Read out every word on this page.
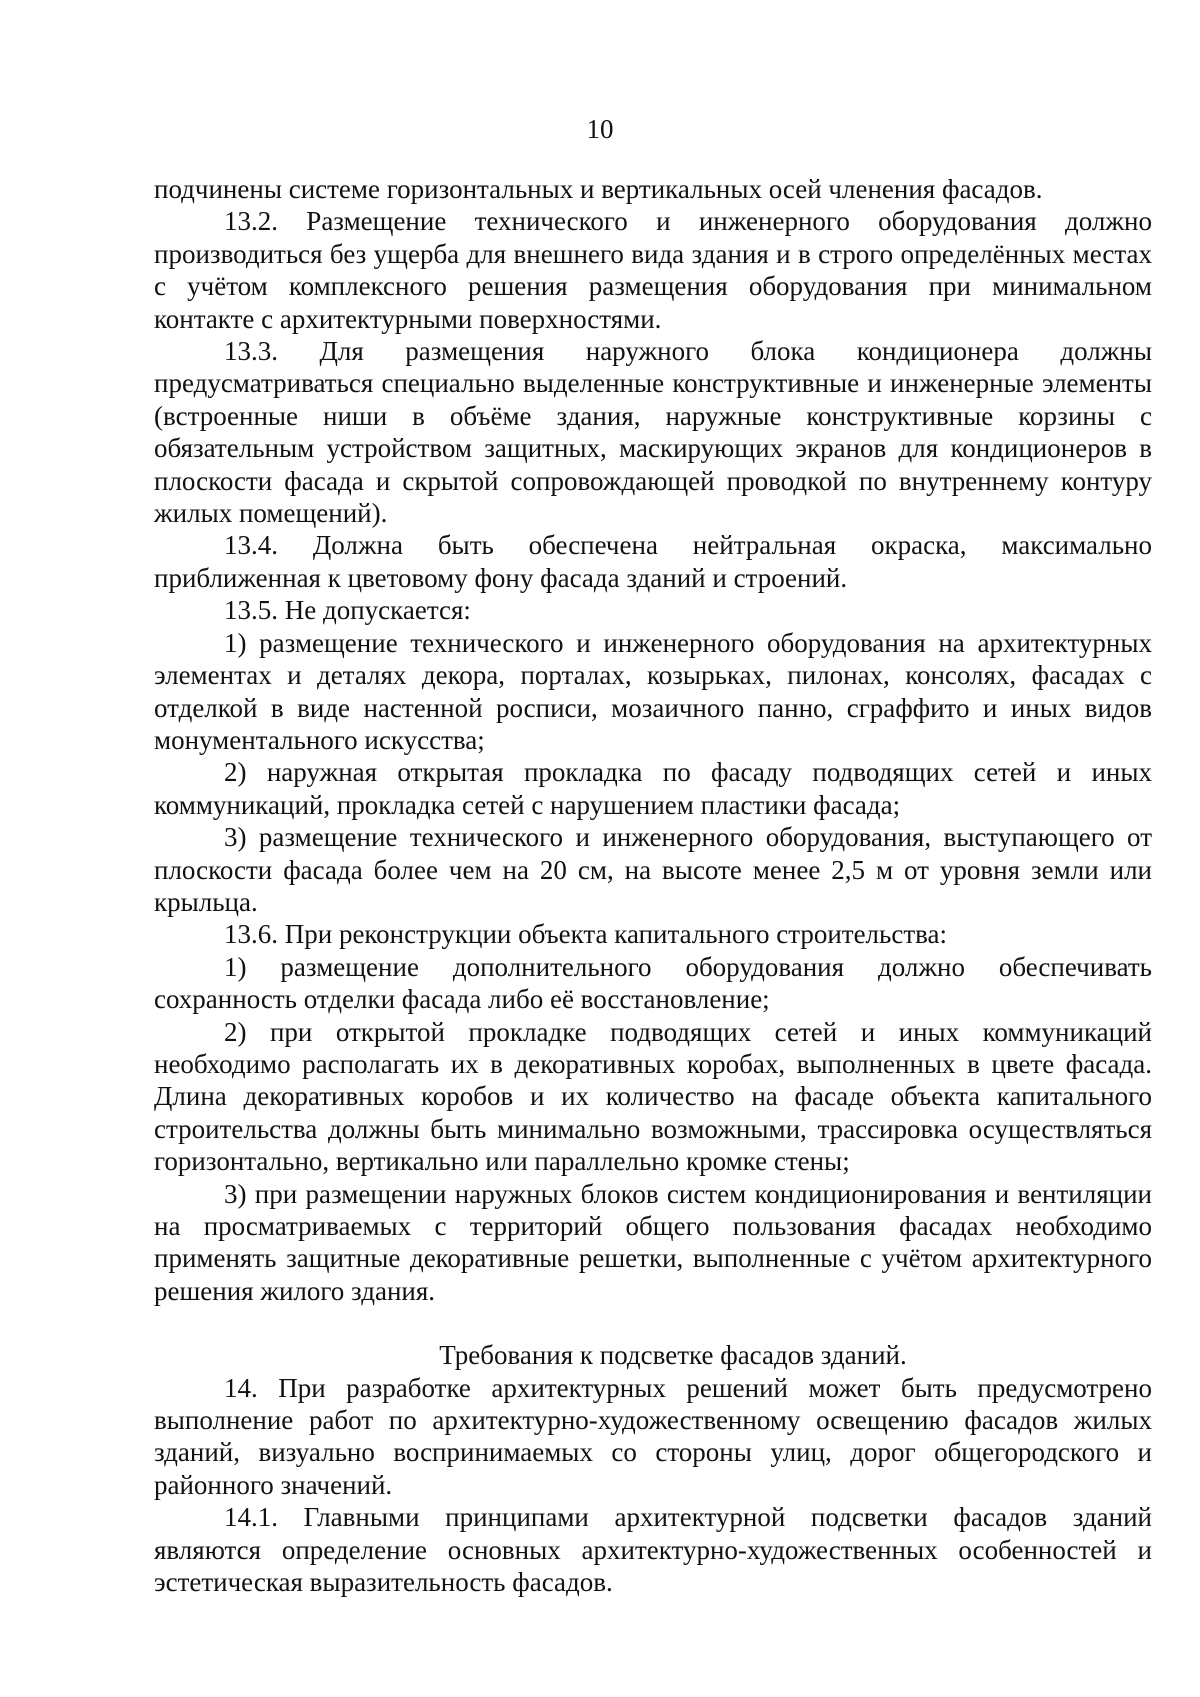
10

подчинены системе горизонтальных и вертикальных осей членения фасадов.

13.2. Размещение технического и инженерного оборудования должно производиться без ущерба для внешнего вида здания и в строго определённых местах с учётом комплексного решения размещения оборудования при минимальном контакте с архитектурными поверхностями.

13.3. Для размещения наружного блока кондиционера должны предусматриваться специально выделенные конструктивные и инженерные элементы (встроенные ниши в объёме здания, наружные конструктивные корзины с обязательным устройством защитных, маскирующих экранов для кондиционеров в плоскости фасада и скрытой сопровождающей проводкой по внутреннему контуру жилых помещений).

13.4. Должна быть обеспечена нейтральная окраска, максимально приближенная к цветовому фону фасада зданий и строений.

13.5. Не допускается:

1) размещение технического и инженерного оборудования на архитектурных элементах и деталях декора, порталах, козырьках, пилонах, консолях, фасадах с отделкой в виде настенной росписи, мозаичного панно, сграффито и иных видов монументального искусства;

2) наружная открытая прокладка по фасаду подводящих сетей и иных коммуникаций, прокладка сетей с нарушением пластики фасада;

3) размещение технического и инженерного оборудования, выступающего от плоскости фасада более чем на 20 см, на высоте менее 2,5 м от уровня земли или крыльца.

13.6. При реконструкции объекта капитального строительства:

1) размещение дополнительного оборудования должно обеспечивать сохранность отделки фасада либо её восстановление;

2) при открытой прокладке подводящих сетей и иных коммуникаций необходимо располагать их в декоративных коробах, выполненных в цвете фасада. Длина декоративных коробов и их количество на фасаде объекта капитального строительства должны быть минимально возможными, трассировка осуществляться горизонтально, вертикально или параллельно кромке стены;

3) при размещении наружных блоков систем кондиционирования и вентиляции на просматриваемых с территорий общего пользования фасадах необходимо применять защитные декоративные решетки, выполненные с учётом архитектурного решения жилого здания.

Требования к подсветке фасадов зданий.

14. При разработке архитектурных решений может быть предусмотрено выполнение работ по архитектурно-художественному освещению фасадов жилых зданий, визуально воспринимаемых со стороны улиц, дорог общегородского и районного значений.

14.1. Главными принципами архитектурной подсветки фасадов зданий являются определение основных архитектурно-художественных особенностей и эстетическая выразительность фасадов.
